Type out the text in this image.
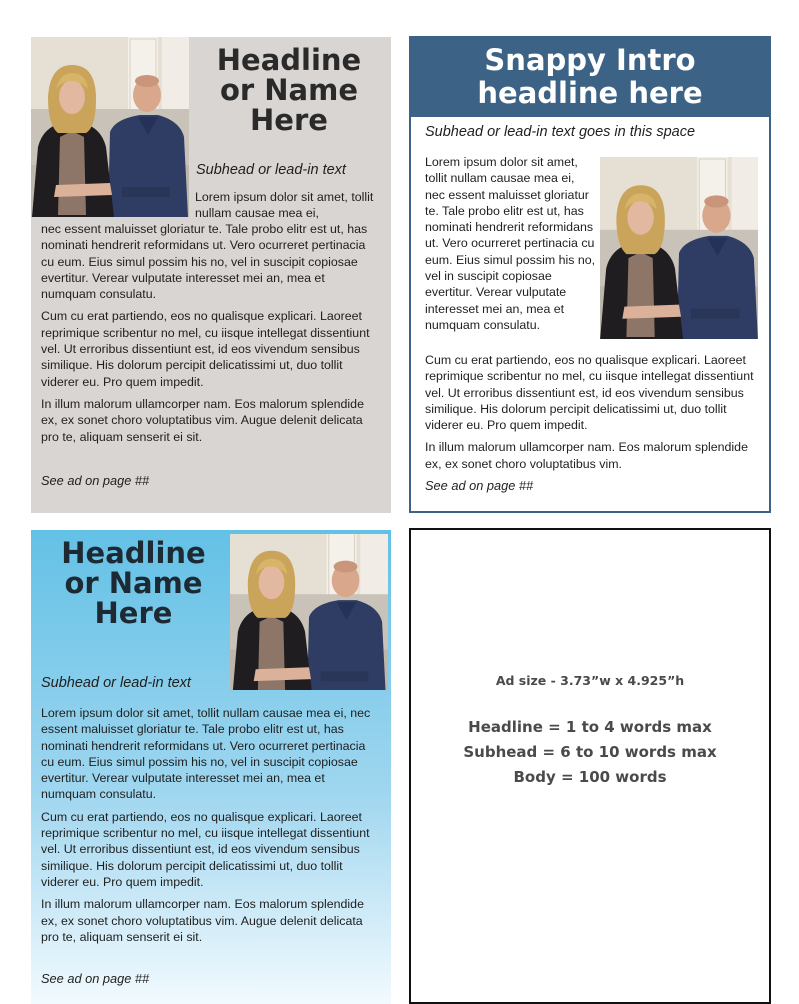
Headline
or Name
Here
Subhead or lead-in text
Lorem ipsum dolor sit amet, tollit nullam causae mea ei,

nec essent maluisset gloriatur te. Tale probo elitr est ut, has nominati hendrerit reformidans ut. Vero ocurreret pertinacia cu eum. Eius simul possim his no, vel in suscipit copiosae evertitur. Verear vulputate interesset mei an, mea et numquam consulatu.

Cum cu erat partiendo, eos no qualisque explicari. Laoreet reprimique scribentur no mel, cu iisque intellegat dissentiunt vel. Ut erroribus dissentiunt est, id eos vivendum sensibus similique. His dolorum percipit delicatissimi ut, duo tollit viderer eu. Pro quem impedit.

In illum malorum ullamcorper nam. Eos malorum splendide ex, ex sonet choro voluptatibus vim. Augue delenit delicata pro te, aliquam senserit ei sit.

See ad on page ##
Snappy Intro
headline here
Subhead or lead-in text goes in this space
Lorem ipsum dolor sit amet, tollit nullam causae mea ei, nec essent maluisset gloriatur te. Tale probo elitr est ut, has nominati hendrerit reformidans ut. Vero ocurreret pertinacia cu eum. Eius simul possim his no, vel in suscipit copiosae evertitur. Verear vulputate interesset mei an, mea et numquam consulatu.

Cum cu erat partiendo, eos no qualisque explicari. Laoreet reprimique scribentur no mel, cu iisque intellegat dissentiunt vel. Ut erroribus dissentiunt est, id eos vivendum sensibus similique. His dolorum percipit delicatissimi ut, duo tollit viderer eu. Pro quem impedit.

In illum malorum ullamcorper nam. Eos malorum splendide ex, ex sonet choro voluptatibus vim.

See ad on page ##
Headline
or Name
Here
Subhead or lead-in text

Lorem ipsum dolor sit amet, tollit nullam causae mea ei, nec essent maluisset gloriatur te. Tale probo elitr est ut, has nominati hendrerit reformidans ut. Vero ocurreret pertinacia cu eum. Eius simul possim his no, vel in suscipit copiosae evertitur. Verear vulputate interesset mei an, mea et numquam consulatu.

Cum cu erat partiendo, eos no qualisque explicari. Laoreet reprimique scribentur no mel, cu iisque intellegat dissentiunt vel. Ut erroribus dissentiunt est, id eos vivendum sensibus similique. His dolorum percipit delicatissimi ut, duo tollit viderer eu. Pro quem impedit.

In illum malorum ullamcorper nam. Eos malorum splendide ex, ex sonet choro voluptatibus vim. Augue delenit delicata pro te, aliquam senserit ei sit.

See ad on page ##
Ad size - 3.73”w x 4.925”h
Headline = 1 to 4 words max
Subhead = 6 to 10 words max
Body = 100 words
